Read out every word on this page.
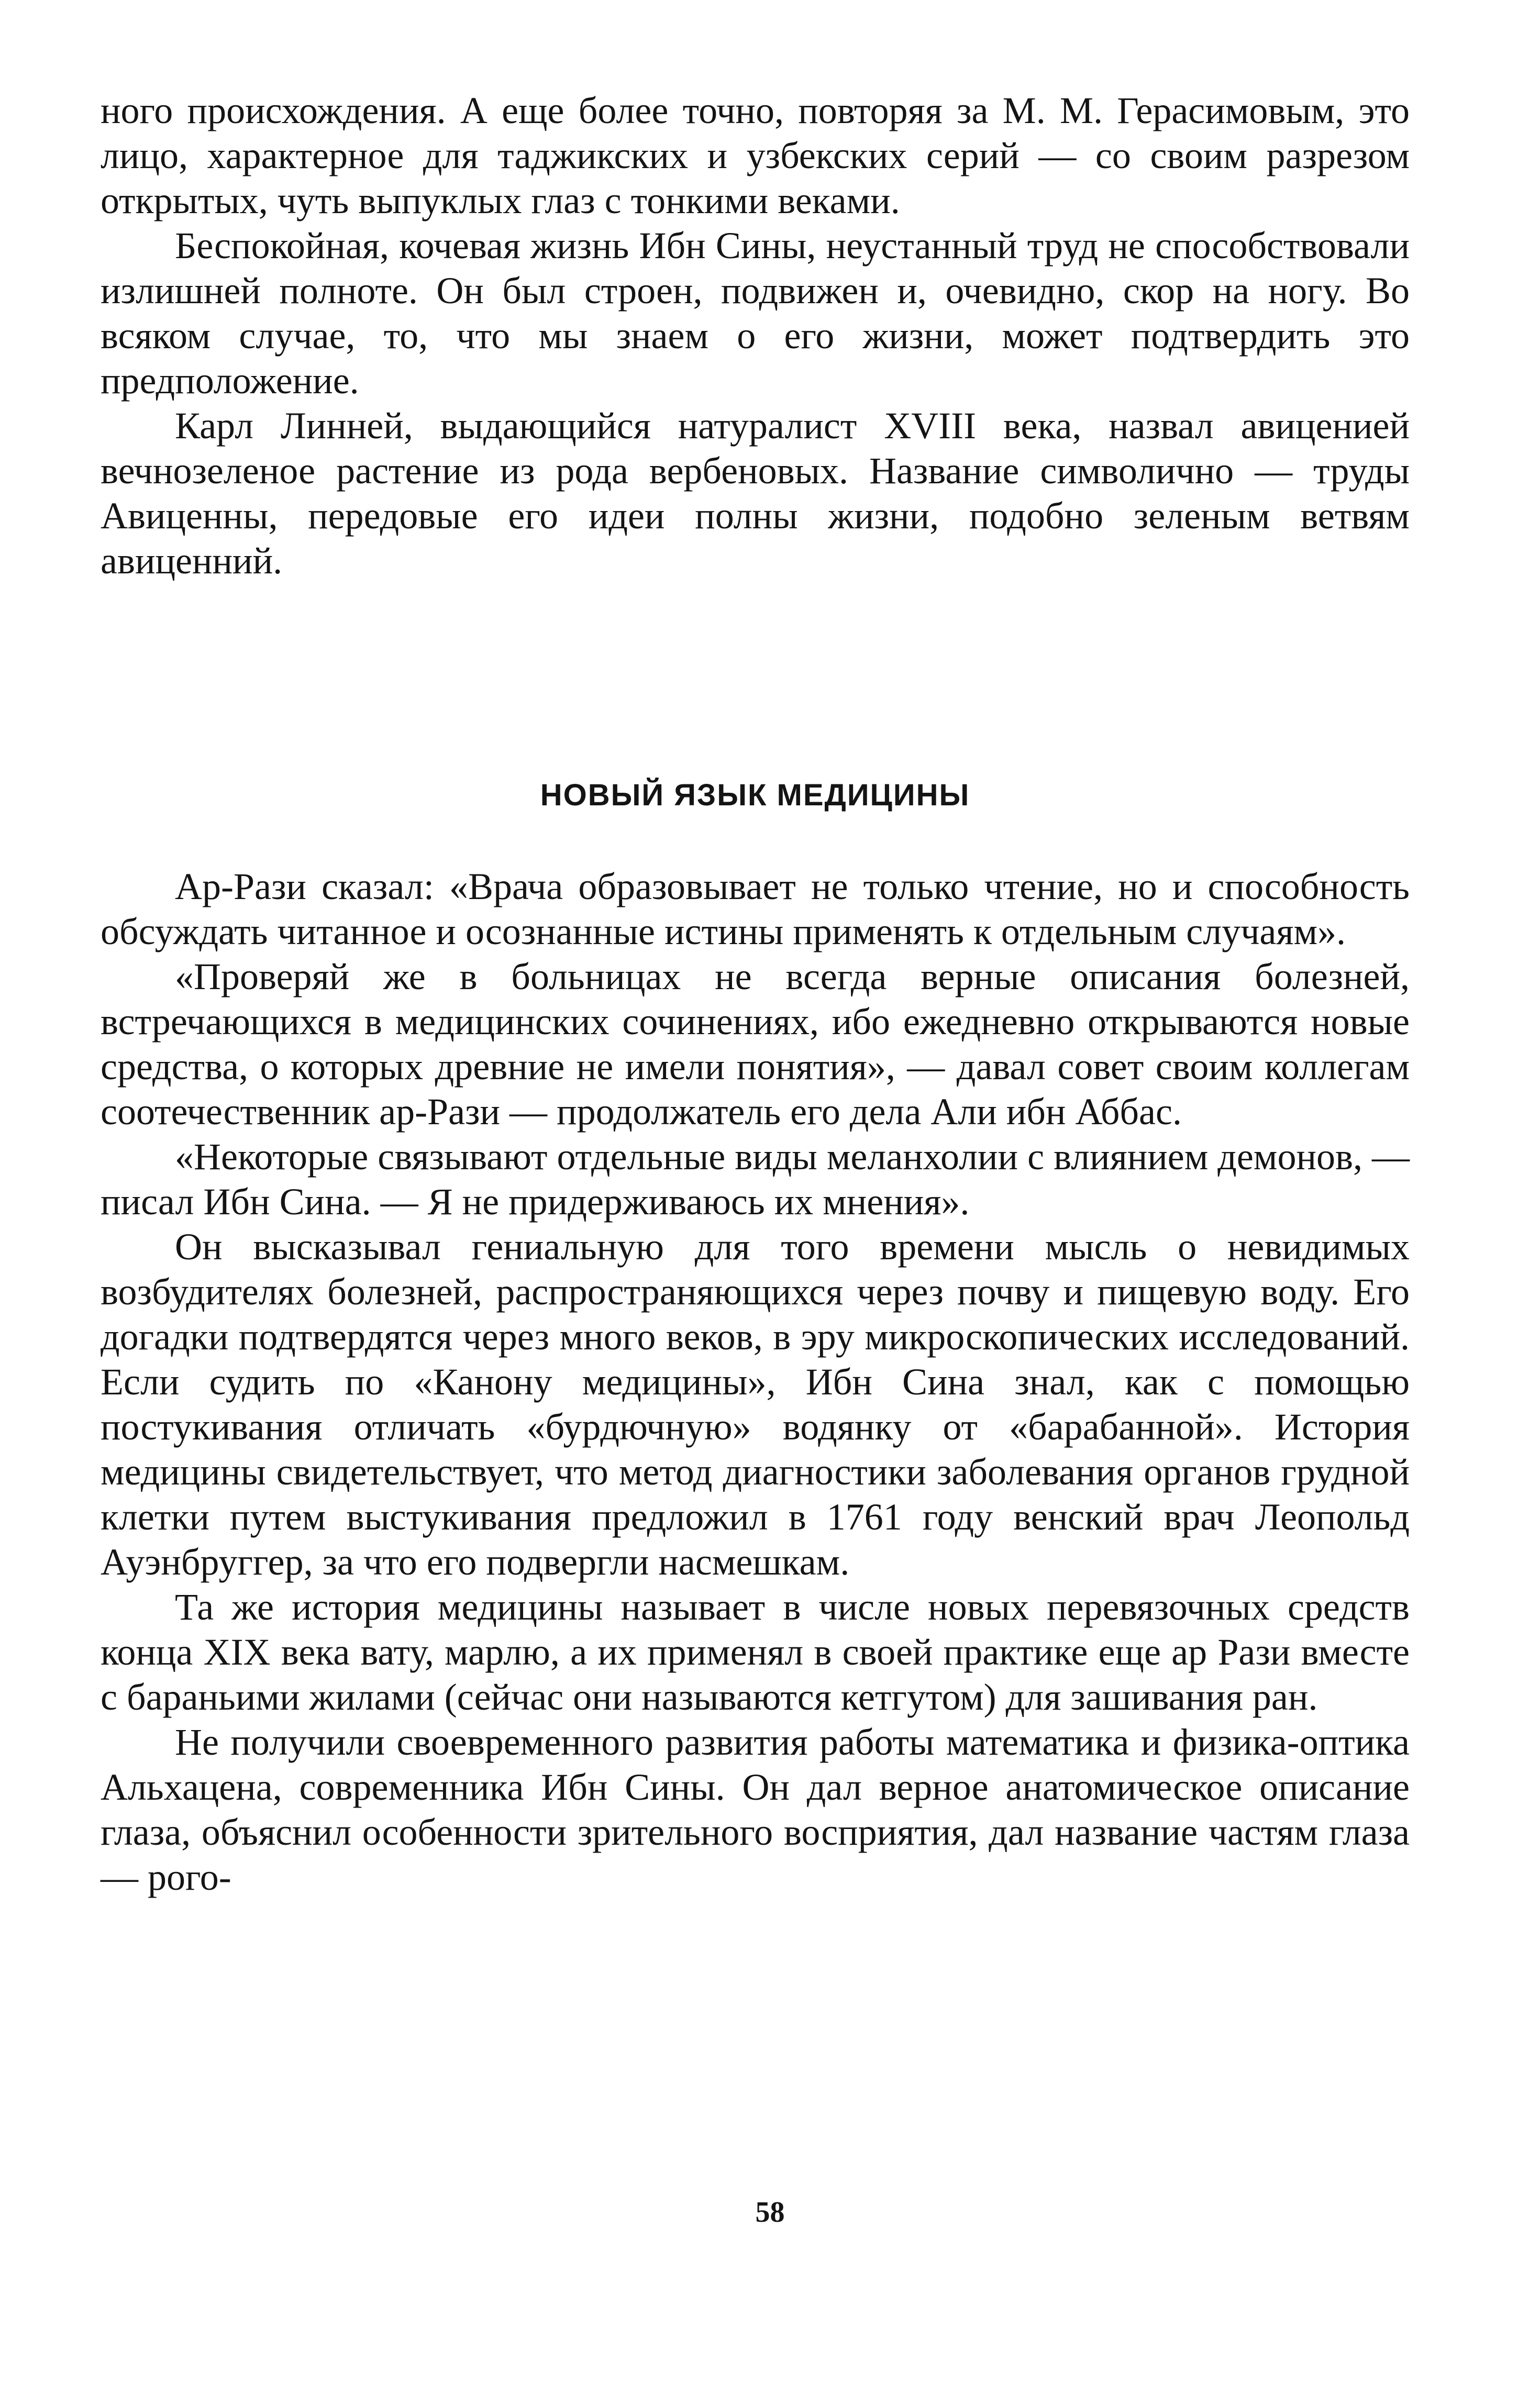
ного происхождения. А еще более точно, повторяя за М. М. Герасимовым, это лицо, характерное для таджикских и узбекских серий — со своим разрезом открытых, чуть выпуклых глаз с тонкими веками.

Беспокойная, кочевая жизнь Ибн Сины, неустанный труд не способствовали излишней полноте. Он был строен, подвижен и, очевидно, скор на ногу. Во всяком случае, то, что мы знаем о его жизни, может подтвердить это предположение.

Карл Линней, выдающийся натуралист XVIII века, назвал авиценией вечнозеленое растение из рода вербеновых. Название символично — труды Авиценны, передовые его идеи полны жизни, подобно зеленым ветвям авиценний.

НОВЫЙ ЯЗЫК МЕДИЦИНЫ

Ар-Рази сказал: «Врача образовывает не только чтение, но и способность обсуждать читанное и осознанные истины применять к отдельным случаям».

«Проверяй же в больницах не всегда верные описания болезней, встречающихся в медицинских сочинениях, ибо ежедневно открываются новые средства, о которых древние не имели понятия», — давал совет своим коллегам соотечественник ар-Рази — продолжатель его дела Али ибн Аббас.

«Некоторые связывают отдельные виды меланхолии с влиянием демонов, — писал Ибн Сина. — Я не придерживаюсь их мнения».

Он высказывал гениальную для того времени мысль о невидимых возбудителях болезней, распространяющихся через почву и пищевую воду. Его догадки подтвердятся через много веков, в эру микроскопических исследований. Если судить по «Канону медицины», Ибн Сина знал, как с помощью постукивания отличать «бурдючную» водянку от «барабанной». История медицины свидетельствует, что метод диагностики заболевания органов грудной клетки путем выстукивания предложил в 1761 году венский врач Леопольд Ауэнбруггер, за что его подвергли насмешкам.

Та же история медицины называет в числе новых перевязочных средств конца XIX века вату, марлю, а их применял в своей практике еще ар Рази вместе с бараньими жилами (сейчас они называются кетгутом) для зашивания ран.

Не получили своевременного развития работы математика и физика-оптика Альхацена, современника Ибн Сины. Он дал верное анатомическое описание глаза, объяснил особенности зрительного восприятия, дал название частям глаза — рого-

58
